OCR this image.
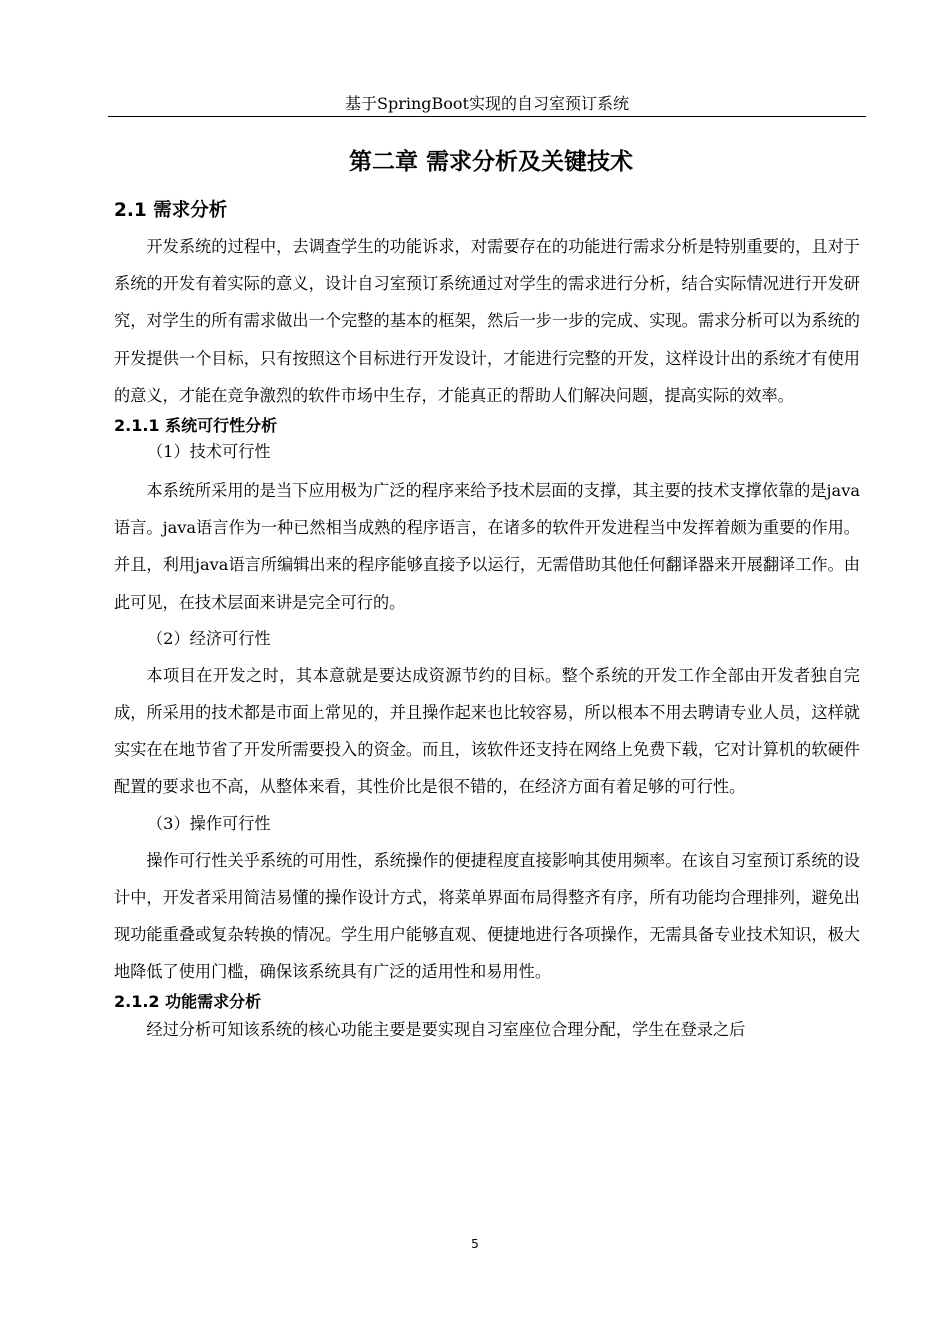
基于SpringBoot实现的自习室预订系统
第二章 需求分析及关键技术
2.1 需求分析

开发系统的过程中，去调查学生的功能诉求，对需要存在的功能进行需求分析是特别重要的，且对于系统的开发有着实际的意义，设计自习室预订系统通过对学生的需求进行分析，结合实际情况进行开发研究，对学生的所有需求做出一个完整的基本的框架，然后一步一步的完成、实现。需求分析可以为系统的开发提供一个目标，只有按照这个目标进行开发设计，才能进行完整的开发，这样设计出的系统才有使用的意义，才能在竞争激烈的软件市场中生存，才能真正的帮助人们解决问题，提高实际的效率。

2.1.1 系统可行性分析

（1）技术可行性

本系统所采用的是当下应用极为广泛的程序来给予技术层面的支撑，其主要的技术支撑依靠的是java语言。java语言作为一种已然相当成熟的程序语言，在诸多的软件开发进程当中发挥着颇为重要的作用。并且，利用java语言所编辑出来的程序能够直接予以运行，无需借助其他任何翻译器来开展翻译工作。由此可见，在技术层面来讲是完全可行的。

（2）经济可行性

本项目在开发之时，其本意就是要达成资源节约的目标。整个系统的开发工作全部由开发者独自完成，所采用的技术都是市面上常见的，并且操作起来也比较容易，所以根本不用去聘请专业人员，这样就实实在在地节省了开发所需要投入的资金。而且，该软件还支持在网络上免费下载，它对计算机的软硬件配置的要求也不高，从整体来看，其性价比是很不错的，在经济方面有着足够的可行性。

（3）操作可行性

操作可行性关乎系统的可用性，系统操作的便捷程度直接影响其使用频率。在该自习室预订系统的设计中，开发者采用简洁易懂的操作设计方式，将菜单界面布局得整齐有序，所有功能均合理排列，避免出现功能重叠或复杂转换的情况。学生用户能够直观、便捷地进行各项操作，无需具备专业技术知识，极大地降低了使用门槛，确保该系统具有广泛的适用性和易用性。

2.1.2 功能需求分析

经过分析可知该系统的核心功能主要是要实现自习室座位合理分配，学生在登录之后

5
